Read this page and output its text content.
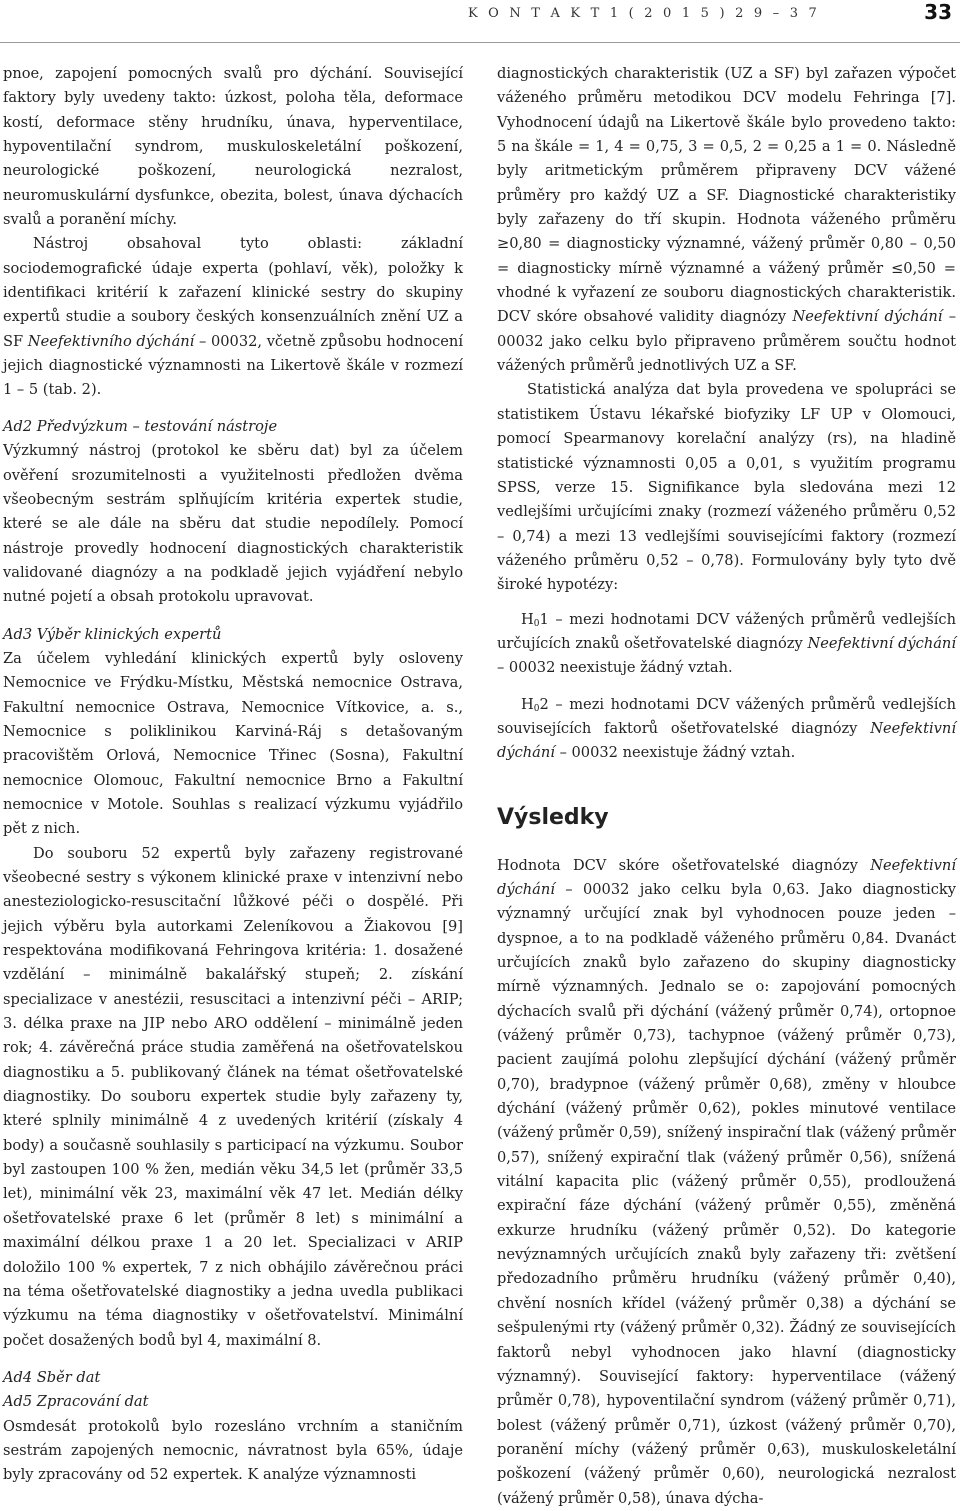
K O N T A K T 1 ( 2 0 1 5 ) 2 9 – 3 7	33

pnoe, zapojení pomocných svalů pro dýchání. Související faktory byly uvedeny takto: úzkost, poloha těla, deformace kostí, deformace stěny hrudníku, únava, hyperventilace, hypoventilační syndrom, muskuloskeletální poškození, neurologické poškození, neurologická nezralost, neuromuskulární dysfunkce, obezita, bolest, únava dýchacích svalů a poranění míchy.

Nástroj obsahoval tyto oblasti: základní sociodemografické údaje experta (pohlaví, věk), položky k identifikaci kritérií k zařazení klinické sestry do skupiny expertů studie a soubory českých konsenzuálních znění UZ a SF Neefektivního dýchání – 00032, včetně způsobu hodnocení jejich diagnostické významnosti na Likertově škále v rozmezí 1 – 5 (tab. 2).

Ad2 Předvýzkum – testování nástroje

Výzkumný nástroj (protokol ke sběru dat) byl za účelem ověření srozumitelnosti a využitelnosti předložen dvěma všeobecným sestrám splňujícím kritéria expertek studie, které se ale dále na sběru dat studie nepodílely. Pomocí nástroje provedly hodnocení diagnostických charakteristik validované diagnózy a na podkladě jejich vyjádření nebylo nutné pojetí a obsah protokolu upravovat.

Ad3 Výběr klinických expertů

Za účelem vyhledání klinických expertů byly osloveny Nemocnice ve Frýdku-Místku, Městská nemocnice Ostrava, Fakultní nemocnice Ostrava, Nemocnice Vítkovice, a. s., Nemocnice s poliklinikou Karviná-Ráj s detašovaným pracovištěm Orlová, Nemocnice Třinec (Sosna), Fakultní nemocnice Olomouc, Fakultní nemocnice Brno a Fakultní nemocnice v Motole. Souhlas s realizací výzkumu vyjádřilo pět z nich.

Do souboru 52 expertů byly zařazeny registrované všeobecné sestry s výkonem klinické praxe v intenzivní nebo anesteziologicko-resuscitační lůžkové péči o dospělé. Při jejich výběru byla autorkami Zeleníkovou a Žiakovou [9] respektována modifikovaná Fehringova kritéria: 1. dosažené vzdělání – minimálně bakalářský stupeň; 2. získání specializace v anestézii, resuscitaci a intenzivní péči – ARIP; 3. délka praxe na JIP nebo ARO oddělení – minimálně jeden rok; 4. závěrečná práce studia zaměřená na ošetřovatelskou diagnostiku a 5. publikovaný článek na témat ošetřovatelské diagnostiky. Do souboru expertek studie byly zařazeny ty, které splnily minimálně 4 z uvedených kritérií (získaly 4 body) a současně souhlasily s participací na výzkumu. Soubor byl zastoupen 100 % žen, medián věku 34,5 let (průměr 33,5 let), minimální věk 23, maximální věk 47 let. Medián délky ošetřovatelské praxe 6 let (průměr 8 let) s minimální a maximální délkou praxe 1 a 20 let. Specializaci v ARIP doložilo 100 % expertek, 7 z nich obhájilo závěrečnou práci na téma ošetřovatelské diagnostiky a jedna uvedla publikaci výzkumu na téma diagnostiky v ošetřovatelství. Minimální počet dosažených bodů byl 4, maximální 8.

Ad4 Sběr dat

Ad5 Zpracování dat

Osmdesát protokolů bylo rozesláno vrchním a staničním sestrám zapojených nemocnic, návratnost byla 65%, údaje byly zpracovány od 52 expertek. K analýze významnosti

diagnostických charakteristik (UZ a SF) byl zařazen výpočet váženého průměru metodikou DCV modelu Fehringa [7]. Vyhodnocení údajů na Likertově škále bylo provedeno takto: 5 na škále = 1, 4 = 0,75, 3 = 0,5, 2 = 0,25 a 1 = 0. Následně byly aritmetickým průměrem připraveny DCV vážené průměry pro každý UZ a SF. Diagnostické charakteristiky byly zařazeny do tří skupin. Hodnota váženého průměru ≥0,80 = diagnosticky významné, vážený průměr 0,80 – 0,50 = diagnosticky mírně významné a vážený průměr ≤0,50 = vhodné k vyřazení ze souboru diagnostických charakteristik. DCV skóre obsahové validity diagnózy Neefektivní dýchání – 00032 jako celku bylo připraveno průměrem součtu hodnot vážených průměrů jednotlivých UZ a SF.

Statistická analýza dat byla provedena ve spolupráci se statistikem Ústavu lékařské biofyziky LF UP v Olomouci, pomocí Spearmanovy korelační analýzy (rs), na hladině statistické významnosti 0,05 a 0,01, s využitím programu SPSS, verze 15. Signifikance byla sledována mezi 12 vedlejšími určujícími znaky (rozmezí váženého průměru 0,52 – 0,74) a mezi 13 vedlejšími souvisejícími faktory (rozmezí váženého průměru 0,52 – 0,78). Formulovány byly tyto dvě široké hypotézy:

$H_01$ – mezi hodnotami DCV vážených průměrů vedlejších určujících znaků ošetřovatelské diagnózy Neefektivní dýchání – 00032 neexistuje žádný vztah.

$H_02$ – mezi hodnotami DCV vážených průměrů vedlejších souvisejících faktorů ošetřovatelské diagnózy Neefektivní dýchání – 00032 neexistuje žádný vztah.

Výsledky

Hodnota DCV skóre ošetřovatelské diagnózy Neefektivní dýchání – 00032 jako celku byla 0,63. Jako diagnosticky významný určující znak byl vyhodnocen pouze jeden – dyspnoe, a to na podkladě váženého průměru 0,84. Dvanáct určujících znaků bylo zařazeno do skupiny diagnosticky mírně významných. Jednalo se o: zapojování pomocných dýchacích svalů při dýchání (vážený průměr 0,74), ortopnoe (vážený průměr 0,73), tachypnoe (vážený průměr 0,73), pacient zaujímá polohu zlepšující dýchání (vážený průměr 0,70), bradypnoe (vážený průměr 0,68), změny v hloubce dýchání (vážený průměr 0,62), pokles minutové ventilace (vážený průměr 0,59), snížený inspirační tlak (vážený průměr 0,57), snížený expirační tlak (vážený průměr 0,56), snížená vitální kapacita plic (vážený průměr 0,55), prodloužená expirační fáze dýchání (vážený průměr 0,55), změněná exkurze hrudníku (vážený průměr 0,52). Do kategorie nevýznamných určujících znaků byly zařazeny tři: zvětšení předozadního průměru hrudníku (vážený průměr 0,40), chvění nosních křídel (vážený průměr 0,38) a dýchání se sešpulenými rty (vážený průměr 0,32). Žádný ze souvisejících faktorů nebyl vyhodnocen jako hlavní (diagnosticky významný). Související faktory: hyperventilace (vážený průměr 0,78), hypoventilační syndrom (vážený průměr 0,71), bolest (vážený průměr 0,71), úzkost (vážený průměr 0,70), poranění míchy (vážený průměr 0,63), muskuloskeletální poškození (vážený průměr 0,60), neurologická nezralost (vážený průměr 0,58), únava dýcha-
